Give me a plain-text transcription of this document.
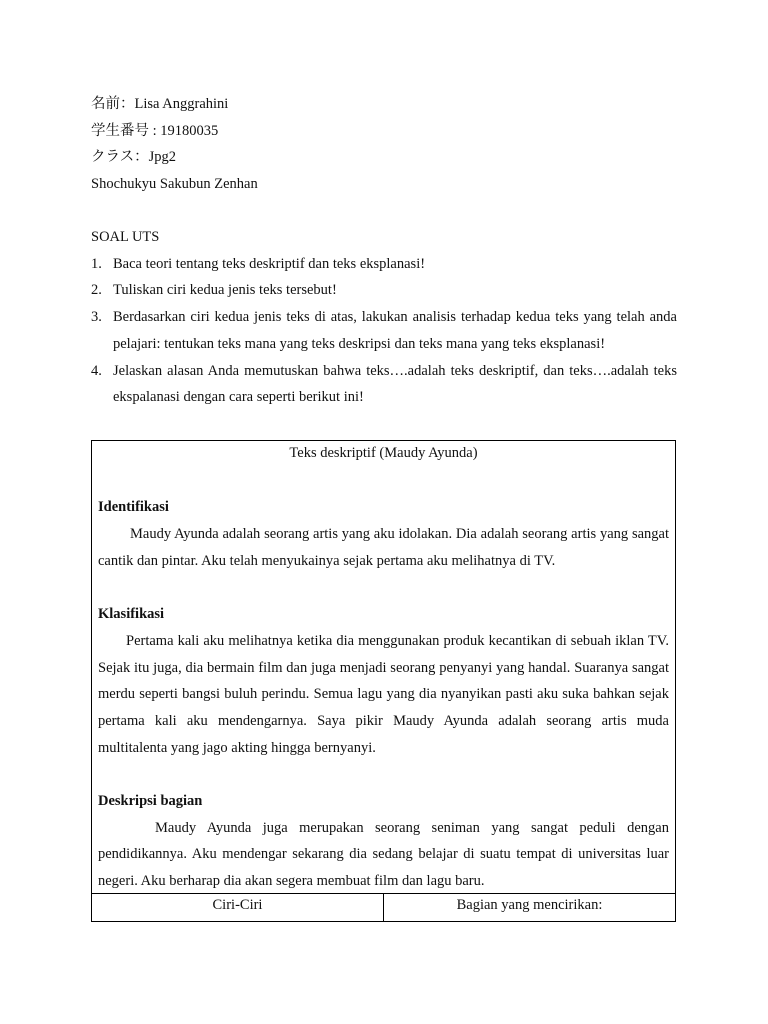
名前：Lisa Anggrahini
学生番号 : 19180035
クラス：Jpg2
Shochukyu Sakubun Zenhan
SOAL UTS
1. Baca teori tentang teks deskriptif dan teks eksplanasi!
2. Tuliskan ciri kedua jenis teks tersebut!
3. Berdasarkan ciri kedua jenis teks di atas, lakukan analisis terhadap kedua teks yang telah anda pelajari: tentukan teks mana yang teks deskripsi dan teks mana yang teks eksplanasi!
4. Jelaskan alasan Anda memutuskan bahwa teks….adalah teks deskriptif, dan teks….adalah teks ekspalanasi dengan cara seperti berikut ini!
Teks deskriptif (Maudy Ayunda)
Identifikasi

Maudy Ayunda adalah seorang artis yang aku idolakan. Dia adalah seorang artis yang sangat cantik dan pintar. Aku telah menyukainya sejak pertama aku melihatnya di TV.

Klasifikasi

Pertama kali aku melihatnya ketika dia menggunakan produk kecantikan di sebuah iklan TV. Sejak itu juga, dia bermain film dan juga menjadi seorang penyanyi yang handal. Suaranya sangat merdu seperti bangsi buluh perindu. Semua lagu yang dia nyanyikan pasti aku suka bahkan sejak pertama kali aku mendengarnya. Saya pikir Maudy Ayunda adalah seorang artis muda multitalenta yang jago akting hingga bernyanyi.

Deskripsi bagian

Maudy Ayunda juga merupakan seorang seniman yang sangat peduli dengan pendidikannya. Aku mendengar sekarang dia sedang belajar di suatu tempat di universitas luar negeri. Aku berharap dia akan segera membuat film dan lagu baru.

Ciri-Ciri	Bagian yang mencirikan:
